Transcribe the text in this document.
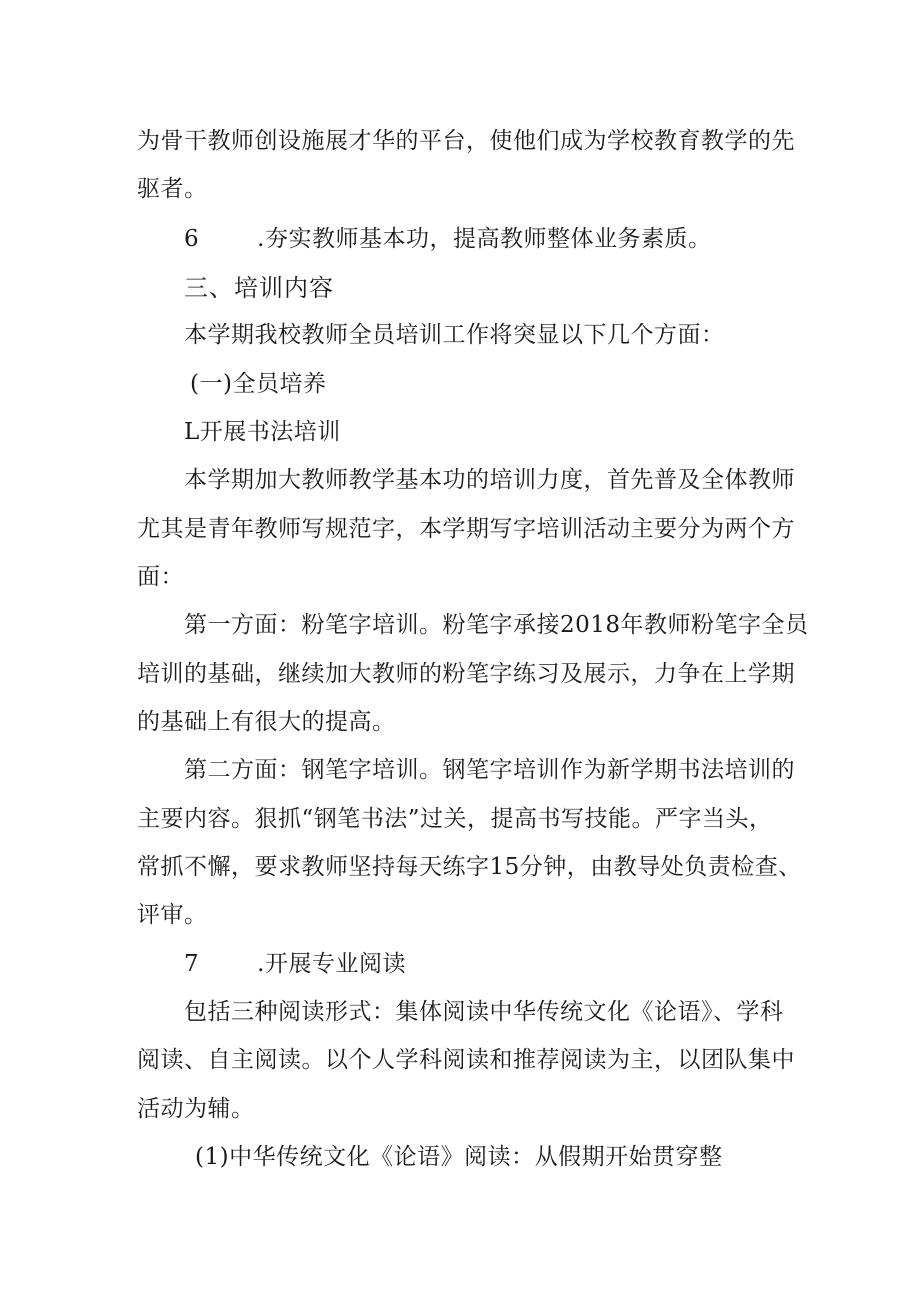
为骨干教师创设施展才华的平台，使他们成为学校教育教学的先
驱者。
6	.夯实教师基本功，提高教师整体业务素质。
三、培训内容
本学期我校教师全员培训工作将突显以下几个方面：
(一)全员培养
L开展书法培训
本学期加大教师教学基本功的培训力度，首先普及全体教师
尤其是青年教师写规范字，本学期写字培训活动主要分为两个方
面：
第一方面：粉笔字培训。粉笔字承接2018年教师粉笔字全员
培训的基础，继续加大教师的粉笔字练习及展示，力争在上学期
的基础上有很大的提高。
第二方面：钢笔字培训。钢笔字培训作为新学期书法培训的
主要内容。狠抓“钢笔书法”过关，提高书写技能。严字当头，
常抓不懈，要求教师坚持每天练字15分钟，由教导处负责检查、
评审。
7	.开展专业阅读
包括三种阅读形式：集体阅读中华传统文化《论语》、学科
阅读、自主阅读。以个人学科阅读和推荐阅读为主，以团队集中
活动为辅。
(1)中华传统文化《论语》阅读：从假期开始贯穿整
